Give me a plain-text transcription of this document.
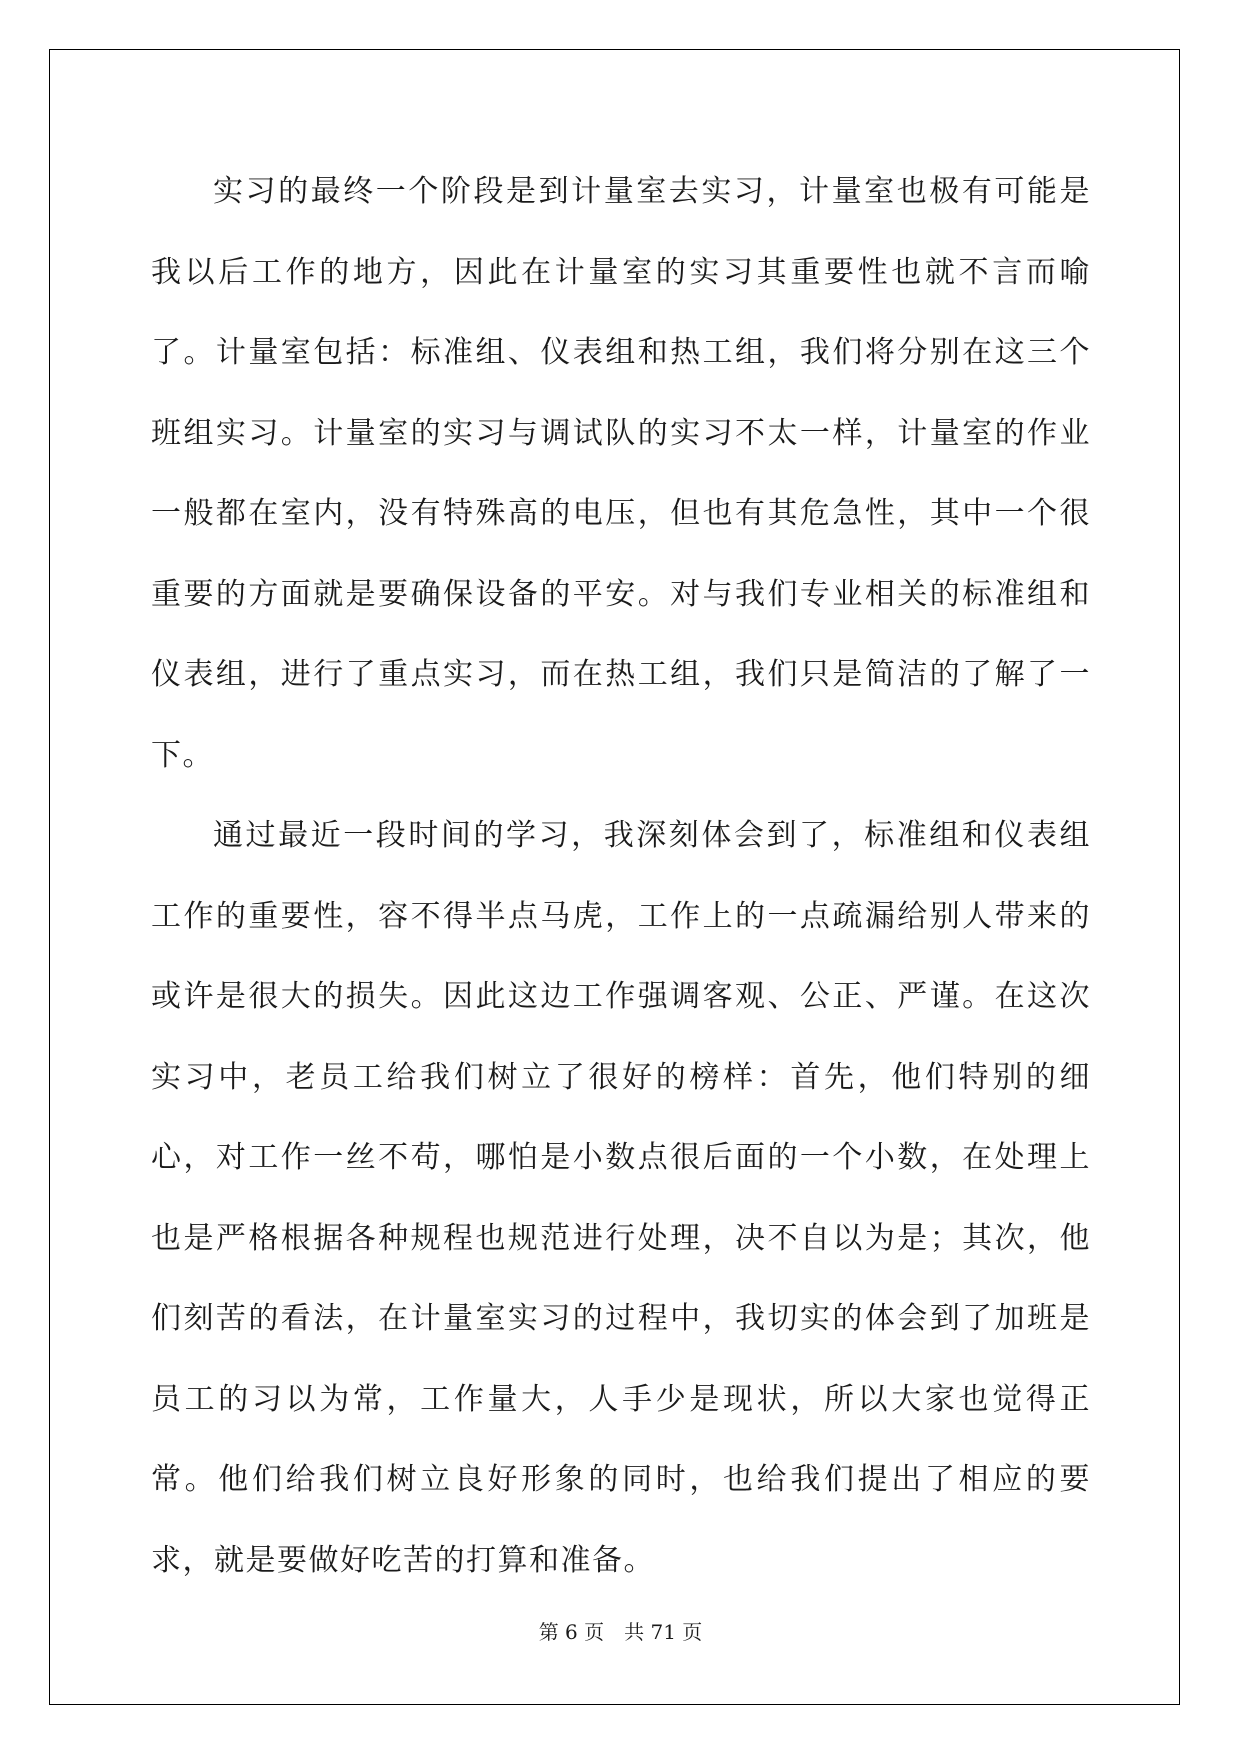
实习的最终一个阶段是到计量室去实习，计量室也极有可能是我以后工作的地方，因此在计量室的实习其重要性也就不言而喻了。计量室包括：标准组、仪表组和热工组，我们将分别在这三个班组实习。计量室的实习与调试队的实习不太一样，计量室的作业一般都在室内，没有特殊高的电压，但也有其危急性，其中一个很重要的方面就是要确保设备的平安。对与我们专业相关的标准组和仪表组，进行了重点实习，而在热工组，我们只是简洁的了解了一下。

通过最近一段时间的学习，我深刻体会到了，标准组和仪表组工作的重要性，容不得半点马虎，工作上的一点疏漏给别人带来的或许是很大的损失。因此这边工作强调客观、公正、严谨。在这次实习中，老员工给我们树立了很好的榜样：首先，他们特别的细心，对工作一丝不苟，哪怕是小数点很后面的一个小数，在处理上也是严格根据各种规程也规范进行处理，决不自以为是；其次，他们刻苦的看法，在计量室实习的过程中，我切实的体会到了加班是员工的习以为常，工作量大，人手少是现状，所以大家也觉得正常。他们给我们树立良好形象的同时，也给我们提出了相应的要求，就是要做好吃苦的打算和准备。

第 6 页　共 71 页
